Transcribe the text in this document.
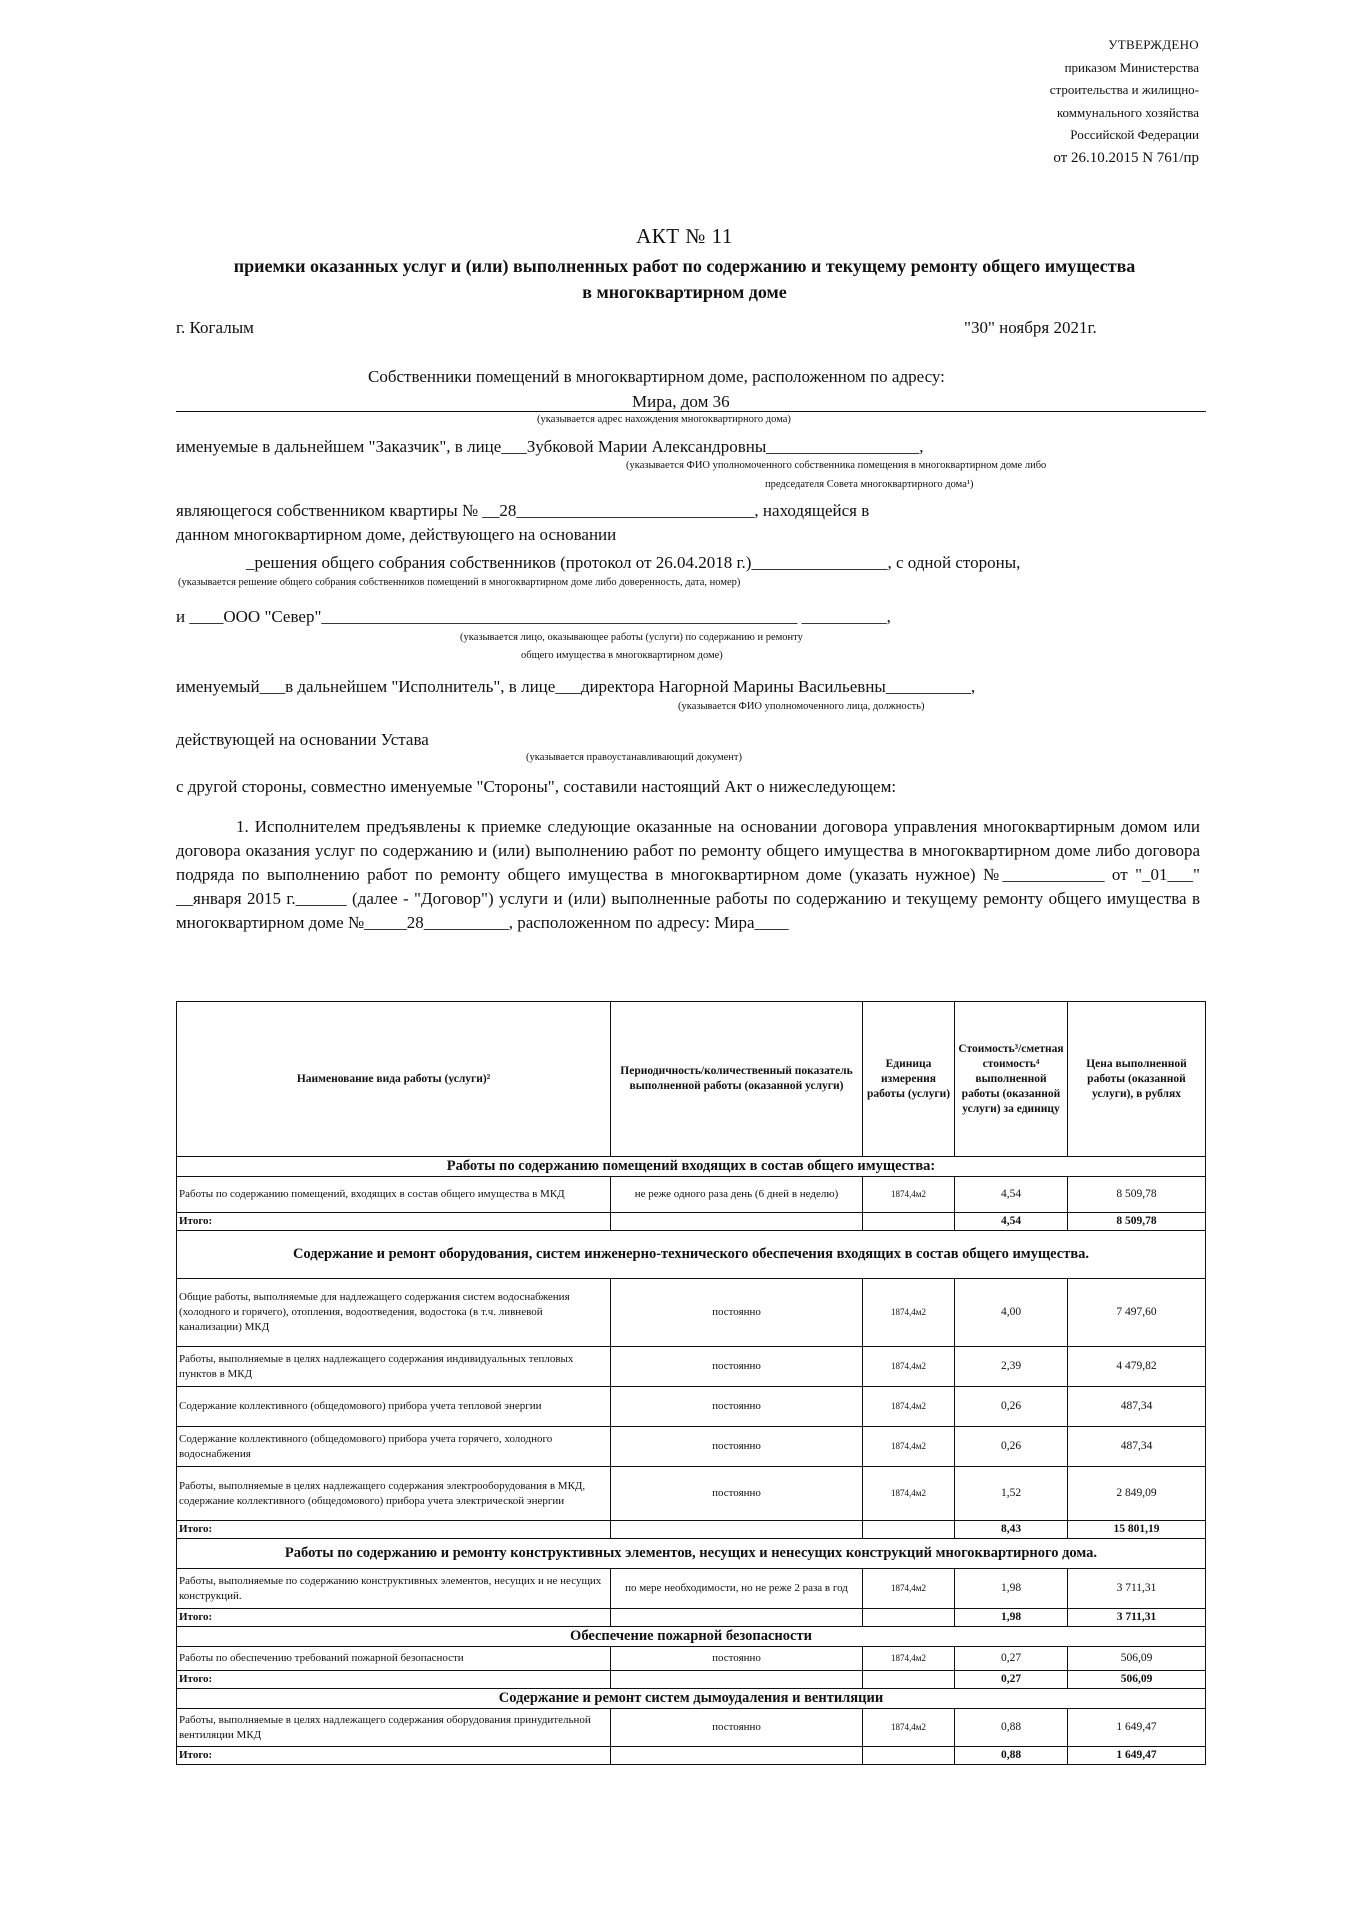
УТВЕРЖДЕНО
приказом Министерства
строительства и жилищно-
коммунального хозяйства
Российской Федерации
от 26.10.2015 N 761/пр
АКТ № 11
приемки оказанных услуг и (или) выполненных работ по содержанию и текущему ремонту общего имущества
в многоквартирном доме
г. Когалым	"30" ноября 2021г.
Собственники помещений в многоквартирном доме, расположенном по адресу:
Мира, дом 36
(указывается адрес нахождения многоквартирного дома)
именуемые в дальнейшем "Заказчик", в лице___Зубковой Марии Александровны__________________,
(указывается ФИО уполномоченного собственника помещения в многоквартирном доме либо
председателя Совета многоквартирного дома¹)
являющегося собственником квартиры № __28____________________________, находящейся в
данном многоквартирном доме, действующего на основании
_решения общего собрания собственников (протокол от 26.04.2018 г.)________________, с одной стороны,
(указывается решение общего собрания собственников помещений в многоквартирном доме либо доверенность, дата, номер)
и ____ООО "Север"________________________________________________________ __________,
(указывается лицо, оказывающее работы (услуги) по содержанию и ремонту
общего имущества в многоквартирном доме)
именуемый___в дальнейшем "Исполнитель", в лице___директора Нагорной Марины Васильевны__________,
(указывается ФИО уполномоченного лица, должность)
действующей на основании Устава
(указывается правоустанавливающий документ)
с другой стороны, совместно именуемые "Стороны", составили настоящий Акт о нижеследующем:
1. Исполнителем предъявлены к приемке следующие оказанные на основании договора управления многоквартирным домом или договора оказания услуг по содержанию и (или) выполнению работ по ремонту общего имущества в многоквартирном доме либо договора подряда по выполнению работ по ремонту общего имущества в многоквартирном доме (указать нужное) №____________ от "_01___" __января 2015 г.______ (далее - "Договор") услуги и (или) выполненные работы по содержанию и текущему ремонту общего имущества в многоквартирном доме №_____28__________, расположенном по адресу: Мира____
Наименование вида работы (услуги)²	Периодичность/количественный показатель выполненной работы (оказанной услуги)	Единица измерения работы (услуги)	Стоимость³/сметная стоимость⁴ выполненной работы (оказанной услуги) за единицу	Цена выполненной работы (оказанной услуги), в рублях
Работы по содержанию помещений входящих в состав общего имущества:				
Работы по содержанию помещений, входящих в состав общего имущества в МКД	не реже одного раза день (6 дней в неделю)	1874,4м2	4,54	8 509,78
Итого:			4,54	8 509,78
Содержание и ремонт оборудования, систем инженерно-технического обеспечения входящих в состав общего имущества.				
Общие работы, выполняемые для надлежащего содержания систем водоснабжения (холодного и горячего), отопления, водоотведения, водостока (в т.ч. ливневой канализации) МКД	постоянно	1874,4м2	4,00	7 497,60
Работы, выполняемые в целях надлежащего содержания индивидуальных тепловых пунктов в МКД	постоянно	1874,4м2	2,39	4 479,82
Содержание коллективного (общедомового) прибора учета тепловой энергии	постоянно	1874,4м2	0,26	487,34
Содержание коллективного (общедомового) прибора учета горячего, холодного водоснабжения	постоянно	1874,4м2	0,26	487,34
Работы, выполняемые в целях надлежащего содержания электрооборудования в МКД, содержание коллективного (общедомового) прибора учета электрической энергии	постоянно	1874,4м2	1,52	2 849,09
Итого:			8,43	15 801,19
Работы по содержанию и ремонту конструктивных элементов, несущих и ненесущих конструкций многоквартирного дома.				
Работы, выполняемые по содержанию конструктивных элементов, несущих и не несущих конструкций.	по мере необходимости, но не реже 2 раза в год	1874,4м2	1,98	3 711,31
Итого:			1,98	3 711,31
Обеспечение пожарной безопасности				
Работы по обеспечению требований пожарной безопасности	постоянно	1874,4м2	0,27	506,09
Итого:			0,27	506,09
Содержание и ремонт систем дымоудаления и вентиляции				
Работы, выполняемые в целях надлежащего содержания оборудования принудительной вентиляции МКД	постоянно	1874,4м2	0,88	1 649,47
Итого:			0,88	1 649,47
